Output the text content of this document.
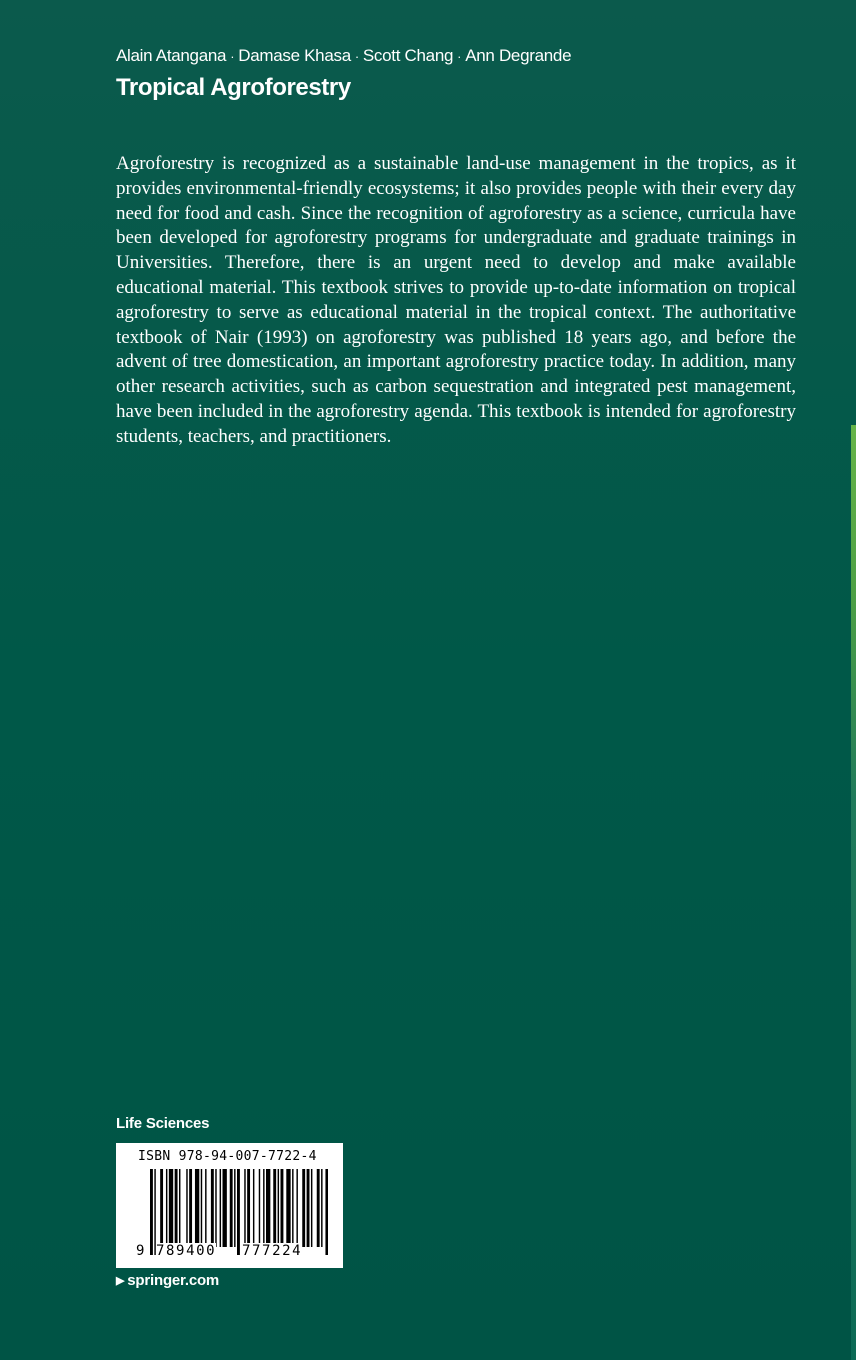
Alain Atangana · Damase Khasa · Scott Chang · Ann Degrande
Tropical Agroforestry

Agroforestry is recognized as a sustainable land-use management in the tropics, as it provides environmental-friendly ecosystems; it also provides people with their every day need for food and cash. Since the recognition of agroforestry as a science, curricula have been developed for agroforestry programs for undergraduate and graduate trainings in Universities. Therefore, there is an urgent need to develop and make available educational material. This textbook strives to provide up-to-date information on tropical agroforestry to serve as educational material in the tropical context. The authoritative textbook of Nair (1993) on agroforestry was published 18 years ago, and before the advent of tree domestication, an important agroforestry practice today. In addition, many other research activities, such as carbon sequestration and integrated pest management, have been included in the agroforestry agenda. This textbook is intended for agroforestry students, teachers, and practitioners.

Life Sciences
ISBN 978-94-007-7722-4
9 789400 777224
▶ springer.com
